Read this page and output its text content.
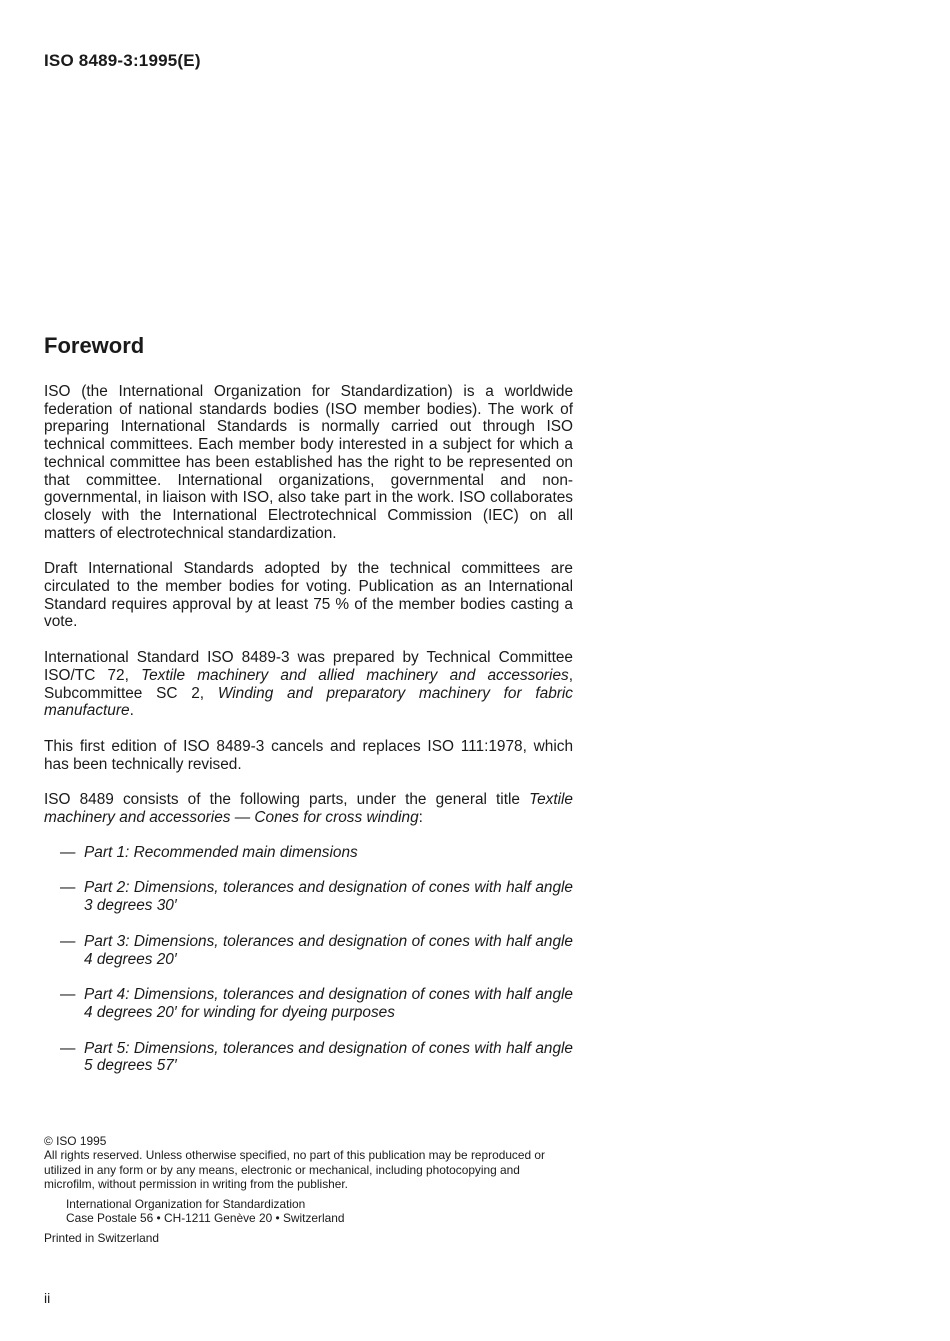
ISO 8489-3:1995(E)
Foreword

ISO (the International Organization for Standardization) is a worldwide federation of national standards bodies (ISO member bodies). The work of preparing International Standards is normally carried out through ISO technical committees. Each member body interested in a subject for which a technical committee has been established has the right to be represented on that committee. International organizations, governmental and non-governmental, in liaison with ISO, also take part in the work. ISO collaborates closely with the International Electrotechnical Commission (IEC) on all matters of electrotechnical standardization.

Draft International Standards adopted by the technical committees are circulated to the member bodies for voting. Publication as an International Standard requires approval by at least 75 % of the member bodies casting a vote.

International Standard ISO 8489-3 was prepared by Technical Committee ISO/TC 72, Textile machinery and allied machinery and accessories, Subcommittee SC 2, Winding and preparatory machinery for fabric manufacture.

This first edition of ISO 8489-3 cancels and replaces ISO 111:1978, which has been technically revised.

ISO 8489 consists of the following parts, under the general title Textile machinery and accessories — Cones for cross winding:

— Part 1: Recommended main dimensions
— Part 2: Dimensions, tolerances and designation of cones with half angle 3 degrees 30′
— Part 3: Dimensions, tolerances and designation of cones with half angle 4 degrees 20′
— Part 4: Dimensions, tolerances and designation of cones with half angle 4 degrees 20′ for winding for dyeing purposes
— Part 5: Dimensions, tolerances and designation of cones with half angle 5 degrees 57′
© ISO 1995
All rights reserved. Unless otherwise specified, no part of this publication may be reproduced or utilized in any form or by any means, electronic or mechanical, including photocopying and microfilm, without permission in writing from the publisher.
International Organization for Standardization
Case Postale 56 • CH-1211 Genève 20 • Switzerland
Printed in Switzerland
ii
